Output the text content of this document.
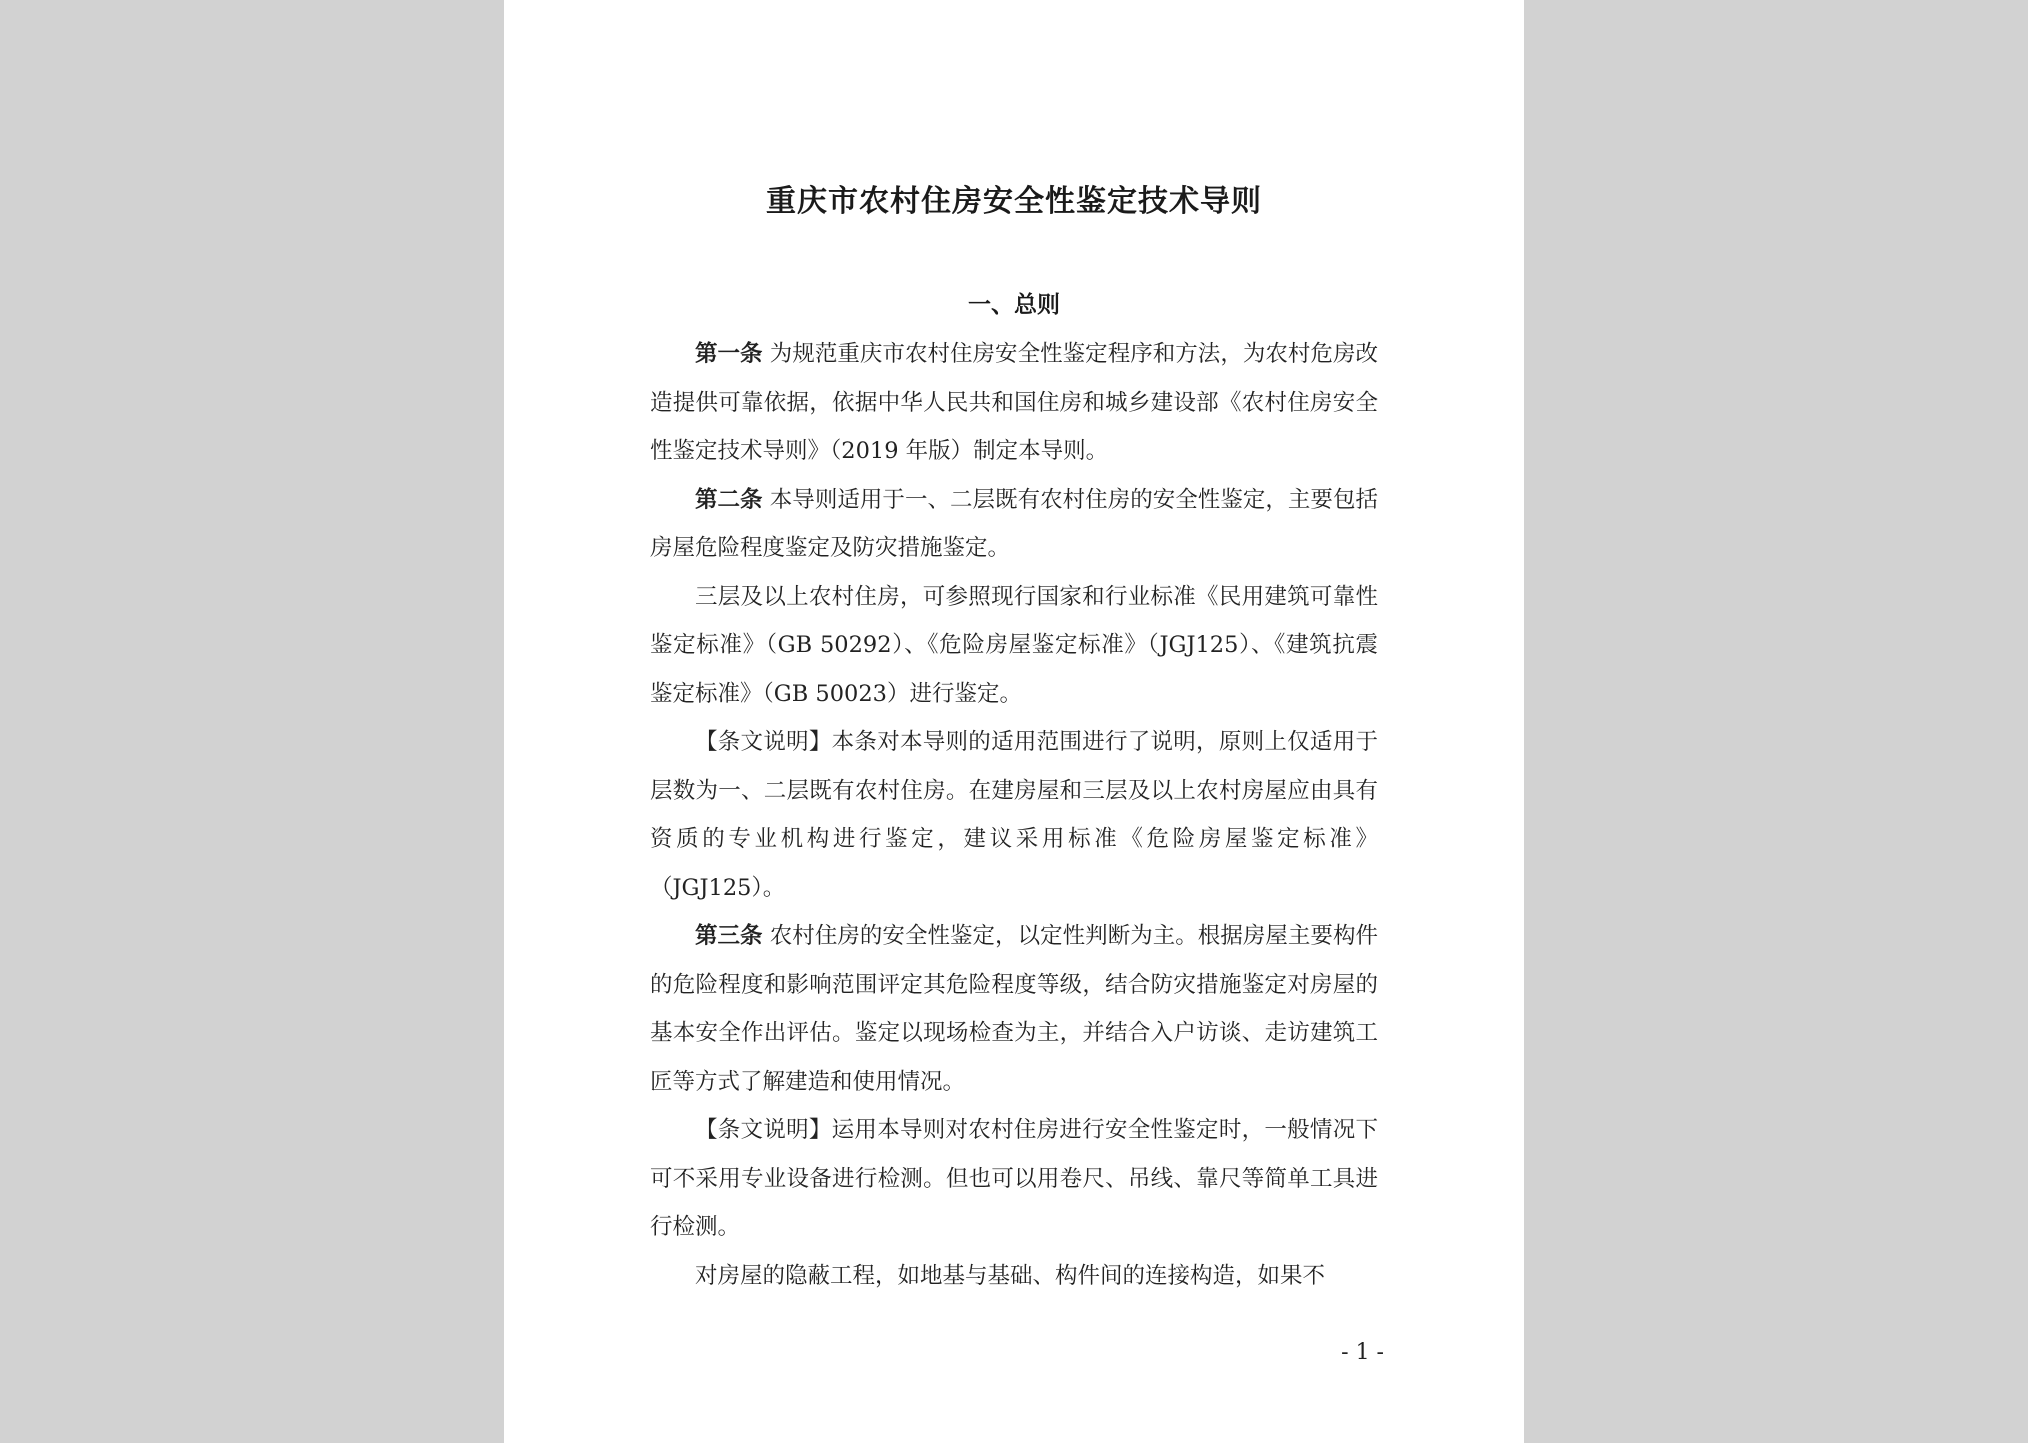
重庆市农村住房安全性鉴定技术导则
一、总则

第一条 为规范重庆市农村住房安全性鉴定程序和方法，为农村危房改造提供可靠依据，依据中华人民共和国住房和城乡建设部《农村住房安全性鉴定技术导则》（2019 年版）制定本导则。

第二条 本导则适用于一、二层既有农村住房的安全性鉴定，主要包括房屋危险程度鉴定及防灾措施鉴定。

三层及以上农村住房，可参照现行国家和行业标准《民用建筑可靠性鉴定标准》（GB 50292）、《危险房屋鉴定标准》（JGJ125）、《建筑抗震鉴定标准》（GB 50023）进行鉴定。

【条文说明】本条对本导则的适用范围进行了说明，原则上仅适用于层数为一、二层既有农村住房。在建房屋和三层及以上农村房屋应由具有资质的专业机构进行鉴定，建议采用标准《危险房屋鉴定标准》（JGJ125）。

第三条 农村住房的安全性鉴定，以定性判断为主。根据房屋主要构件的危险程度和影响范围评定其危险程度等级，结合防灾措施鉴定对房屋的基本安全作出评估。鉴定以现场检查为主，并结合入户访谈、走访建筑工匠等方式了解建造和使用情况。

【条文说明】运用本导则对农村住房进行安全性鉴定时，一般情况下可不采用专业设备进行检测。但也可以用卷尺、吊线、靠尺等简单工具进行检测。

对房屋的隐蔽工程，如地基与基础、构件间的连接构造，如果不

- 1 -
